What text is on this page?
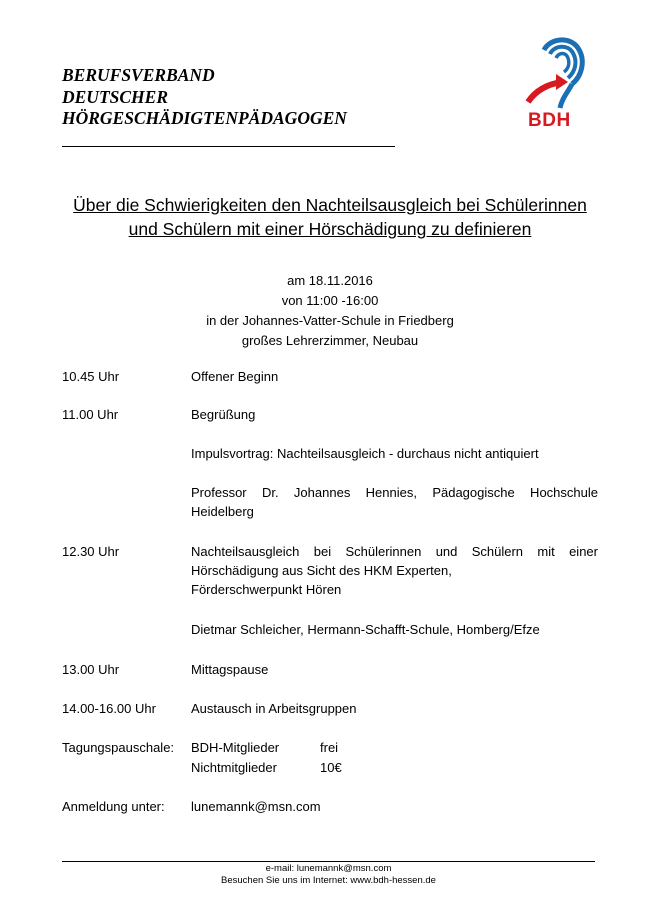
BERUFSVERBAND
DEUTSCHER
HÖRGESCHÄDIGTENPÄDAGOGEN	BDH
Über die Schwierigkeiten den Nachteilsausgleich bei Schülerinnen
und Schülern mit einer Hörschädigung zu definieren
am 18.11.2016
von 11:00 -16:00
in der Johannes-Vatter-Schule in Friedberg
großes Lehrerzimmer, Neubau
10.45 Uhr	Offener Beginn
11.00 Uhr	Begrüßung
Impulsvortrag: Nachteilsausgleich - durchaus nicht antiquiert
Professor Dr. Johannes Hennies, Pädagogische Hochschule Heidelberg
12.30 Uhr	Nachteilsausgleich bei Schülerinnen und Schülern mit einer Hörschädigung aus Sicht des HKM Experten,

Förderschwerpunkt Hören

Dietmar Schleicher, Hermann-Schafft-Schule, Homberg/Efze
13.00 Uhr	Mittagspause
14.00-16.00 Uhr	Austausch in Arbeitsgruppen
Tagungspauschale: BDH-Mitglieder	frei
Nichtmitglieder	10€
Anmeldung unter: lunemannk@msn.com
e-mail: lunemannk@msn.com
Besuchen Sie uns im Internet: www.bdh-hessen.de
